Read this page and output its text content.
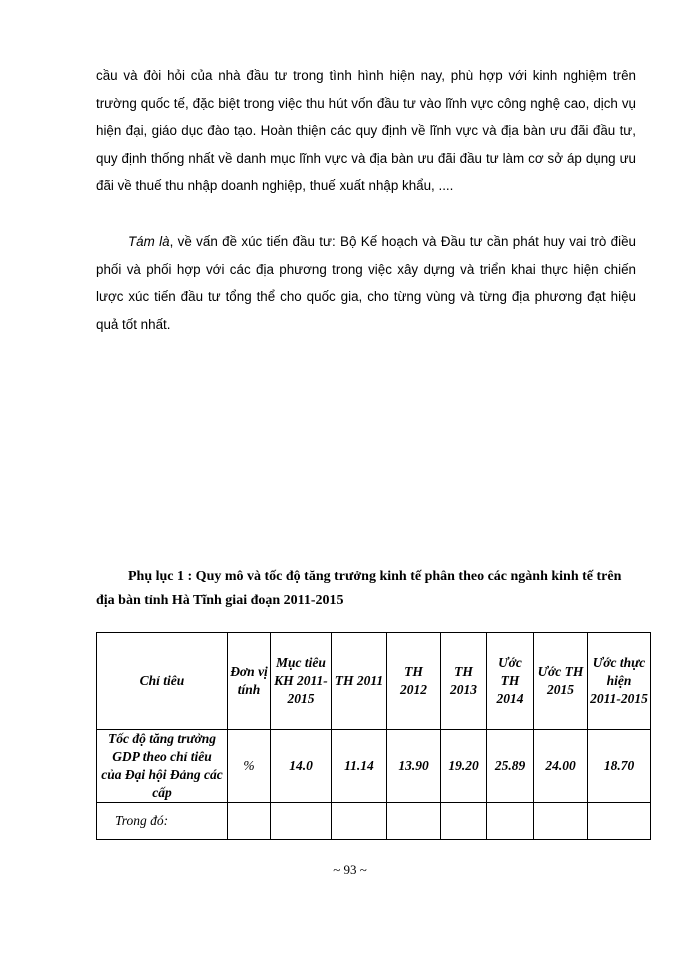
cầu và đòi hỏi của nhà đầu tư trong tình hình hiện nay, phù hợp với kinh nghiệm trên trường quốc tế, đặc biệt trong việc thu hút vốn đầu tư vào lĩnh vực công nghệ cao, dịch vụ hiện đại, giáo dục đào tạo. Hoàn thiện các quy định về lĩnh vực và địa bàn ưu đãi đầu tư, quy định thống nhất về danh mục lĩnh vực và địa bàn ưu đãi đầu tư làm cơ sở áp dụng ưu đãi về thuế thu nhập doanh nghiệp, thuế xuất nhập khẩu, ....

Tám là, về vấn đề xúc tiến đầu tư: Bộ Kế hoạch và Đầu tư cần phát huy vai trò điều phối và phối hợp với các địa phương trong việc xây dựng và triển khai thực hiện chiến lược xúc tiến đầu tư tổng thể cho quốc gia, cho từng vùng và từng địa phương đạt hiệu quả tốt nhất.

Phụ lục 1 : Quy mô và tốc độ tăng trưởng kinh tế phân theo các ngành kinh tế trên địa bàn tỉnh Hà Tĩnh giai đoạn 2011-2015

Chỉ tiêu	Đơn vị tính	Mục tiêu KH 2011-2015	TH 2011	TH 2012	TH 2013	Ước TH 2014	Ước TH 2015	Ước thực hiện 2011-2015
Tốc độ tăng trưởng GDP theo chỉ tiêu của Đại hội Đảng các cấp	%	14.0	11.14	13.90	19.20	25.89	24.00	18.70
Trong đó:								
~ 93 ~
